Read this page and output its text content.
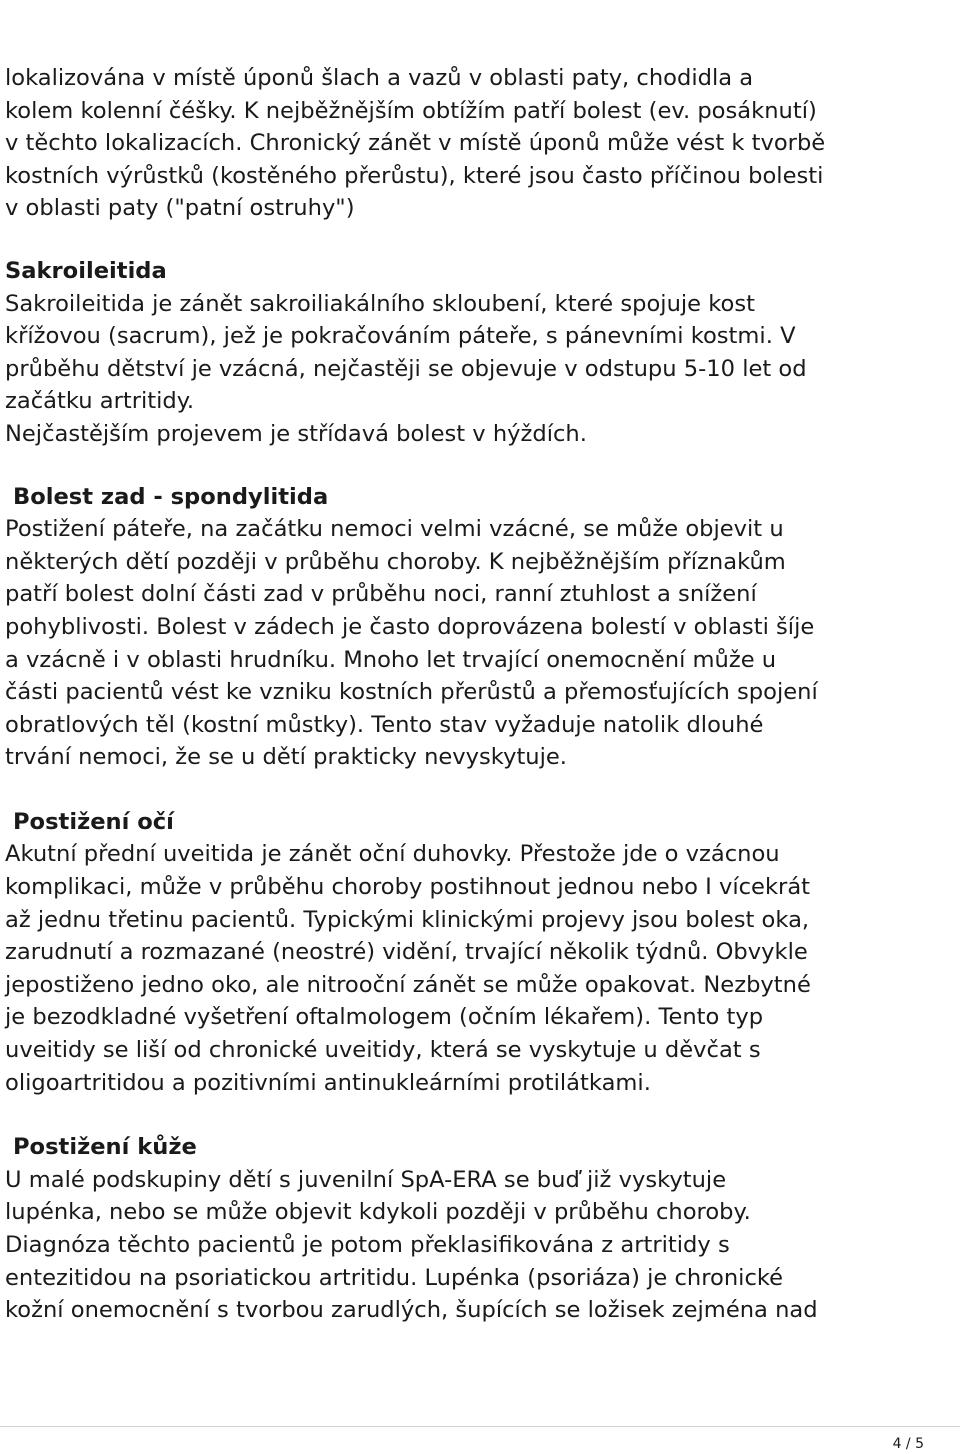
lokalizována v místě úponů šlach a vazů v oblasti paty, chodidla a
kolem kolenní čéšky. K nejběžnějším obtížím patří bolest (ev. posáknutí)
v těchto lokalizacích. Chronický zánět v místě úponů může vést k tvorbě
kostních výrůstků (kostěného přerůstu), které jsou často příčinou bolesti
v oblasti paty ("patní ostruhy")
Sakroileitida
Sakroileitida je zánět sakroiliakálního skloubení, které spojuje kost
křížovou (sacrum), jež je pokračováním páteře, s pánevními kostmi. V
průběhu dětství je vzácná, nejčastěji se objevuje v odstupu 5-10 let od
začátku artritidy.
Nejčastějším projevem je střídavá bolest v hýždích.
Bolest zad - spondylitida
Postižení páteře, na začátku nemoci velmi vzácné, se může objevit u
některých dětí později v průběhu choroby. K nejběžnějším příznakům
patří bolest dolní části zad v průběhu noci, ranní ztuhlost a snížení
pohyblivosti. Bolest v zádech je často doprovázena bolestí v oblasti šíje
a vzácně i v oblasti hrudníku. Mnoho let trvající onemocnění může u
části pacientů vést ke vzniku kostních přerůstů a přemosťujících spojení
obratlových těl (kostní můstky). Tento stav vyžaduje natolik dlouhé
trvání nemoci, že se u dětí prakticky nevyskytuje.
Postižení očí
Akutní přední uveitida je zánět oční duhovky. Přestože jde o vzácnou
komplikaci, může v průběhu choroby postihnout jednou nebo I vícekrát
až jednu třetinu pacientů. Typickými klinickými projevy jsou bolest oka,
zarudnutí a rozmazané (neostré) vidění, trvající několik týdnů. Obvykle
jepostiženo jedno oko, ale nitrooční zánět se může opakovat. Nezbytné
je bezodkladné vyšetření oftalmologem (očním lékařem). Tento typ
uveitidy se liší od chronické uveitidy, která se vyskytuje u děvčat s
oligoartritidou a pozitivními antinukleárními protilátkami.
Postižení kůže
U malé podskupiny dětí s juvenilní SpA-ERA se buď již vyskytuje
lupénka, nebo se může objevit kdykoli později v průběhu choroby.
Diagnóza těchto pacientů je potom překlasifikována z artritidy s
entezitidou na psoriatickou artritidu. Lupénka (psoriáza) je chronické
kožní onemocnění s tvorbou zarudlých, šupících se ložisek zejména nad
4 / 5
